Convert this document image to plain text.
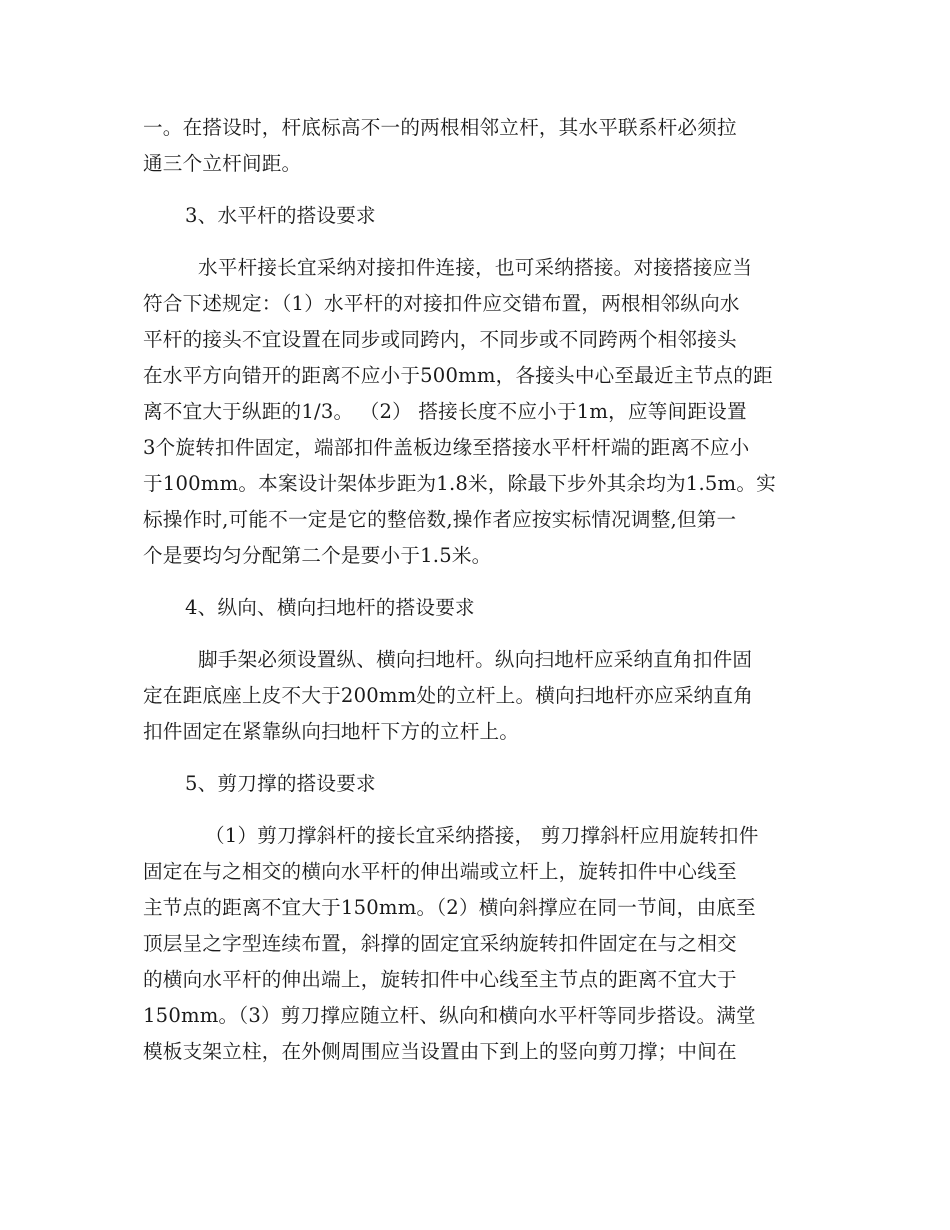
一。在搭设时，杆底标高不一的两根相邻立杆，其水平联系杆必须拉
通三个立杆间距。
3、水平杆的搭设要求
水平杆接长宜采纳对接扣件连接，也可采纳搭接。对接搭接应当
符合下述规定：（1）水平杆的对接扣件应交错布置，两根相邻纵向水
平杆的接头不宜设置在同步或同跨内，不同步或不同跨两个相邻接头
在水平方向错开的距离不应小于500mm，各接头中心至最近主节点的距
离不宜大于纵距的1/3。 （2） 搭接长度不应小于1m，应等间距设置
3个旋转扣件固定，端部扣件盖板边缘至搭接水平杆杆端的距离不应小
于100mm。本案设计架体步距为1.8米，除最下步外其余均为1.5m。实
标操作时,可能不一定是它的整倍数,操作者应按实标情况调整,但第一
个是要均匀分配第二个是要小于1.5米。
4、纵向、横向扫地杆的搭设要求
脚手架必须设置纵、横向扫地杆。纵向扫地杆应采纳直角扣件固
定在距底座上皮不大于200mm处的立杆上。横向扫地杆亦应采纳直角
扣件固定在紧靠纵向扫地杆下方的立杆上。
5、剪刀撑的搭设要求
（1）剪刀撑斜杆的接长宜采纳搭接， 剪刀撑斜杆应用旋转扣件
固定在与之相交的横向水平杆的伸出端或立杆上，旋转扣件中心线至
主节点的距离不宜大于150mm。（2）横向斜撑应在同一节间，由底至
顶层呈之字型连续布置，斜撑的固定宜采纳旋转扣件固定在与之相交
的横向水平杆的伸出端上，旋转扣件中心线至主节点的距离不宜大于
150mm。（3）剪刀撑应随立杆、纵向和横向水平杆等同步搭设。满堂
模板支架立柱，在外侧周围应当设置由下到上的竖向剪刀撑；中间在
